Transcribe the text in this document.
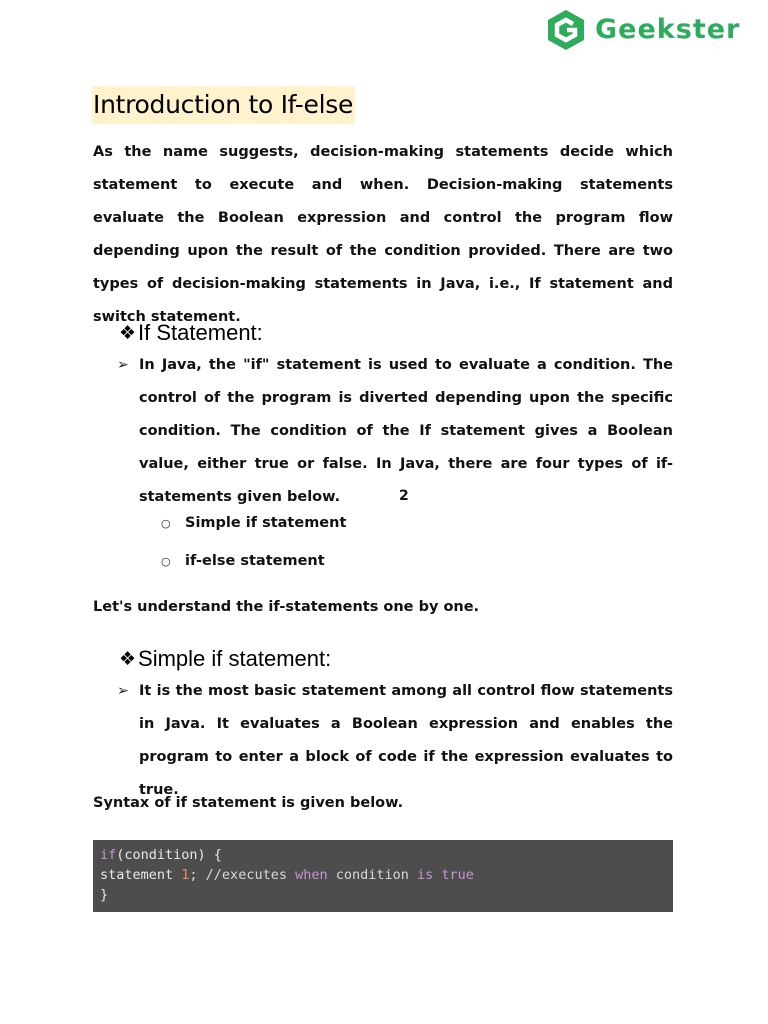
Geekster
Introduction to If-else

As the name suggests, decision-making statements decide which statement to execute and when. Decision-making statements evaluate the Boolean expression and control the program flow depending upon the result of the condition provided. There are two types of decision-making statements in Java, i.e., If statement and switch statement.

❖ If Statement:
➢ In Java, the "if" statement is used to evaluate a condition. The control of the program is diverted depending upon the specific condition. The condition of the If statement gives a Boolean value, either true or false. In Java, there are four types of if-statements given below.	2
○ Simple if statement
○ if-else statement
Let's understand the if-statements one by one.
❖ Simple if statement:
➢ It is the most basic statement among all control flow statements in Java. It evaluates a Boolean expression and enables the program to enter a block of code if the expression evaluates to true.

Syntax of if statement is given below.
if(condition) {
statement 1; //executes when condition is true
}
